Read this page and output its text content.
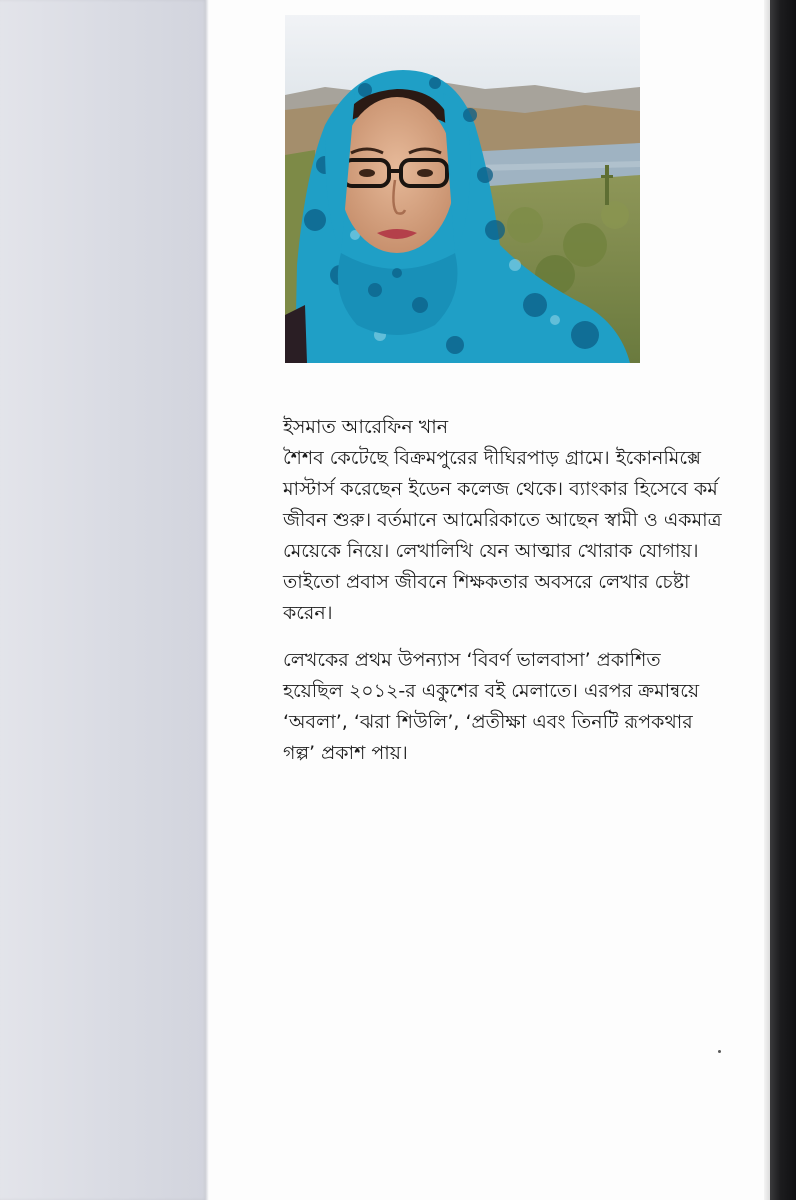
ইসমাত আরেফিন খান

শৈশব কেটেছে বিক্রমপুরের দীঘিরপাড় গ্রামে। ইকোনমিক্সে মাস্টার্স করেছেন ইডেন কলেজ থেকে। ব্যাংকার হিসেবে কর্ম জীবন শুরু। বর্তমানে আমেরিকাতে আছেন স্বামী ও একমাত্র মেয়েকে নিয়ে। লেখালিখি যেন আত্মার খোরাক যোগায়। তাইতো প্রবাস জীবনে শিক্ষকতার অবসরে লেখার চেষ্টা করেন।

লেখকের প্রথম উপন্যাস ‘বিবর্ণ ভালবাসা’ প্রকাশিত হয়েছিল ২০১২-র একুশের বই মেলাতে। এরপর ক্রমান্বয়ে ‘অবলা’, ‘ঝরা শিউলি’, ‘প্রতীক্ষা এবং তিনটি রূপকথার গল্প’ প্রকাশ পায়।
